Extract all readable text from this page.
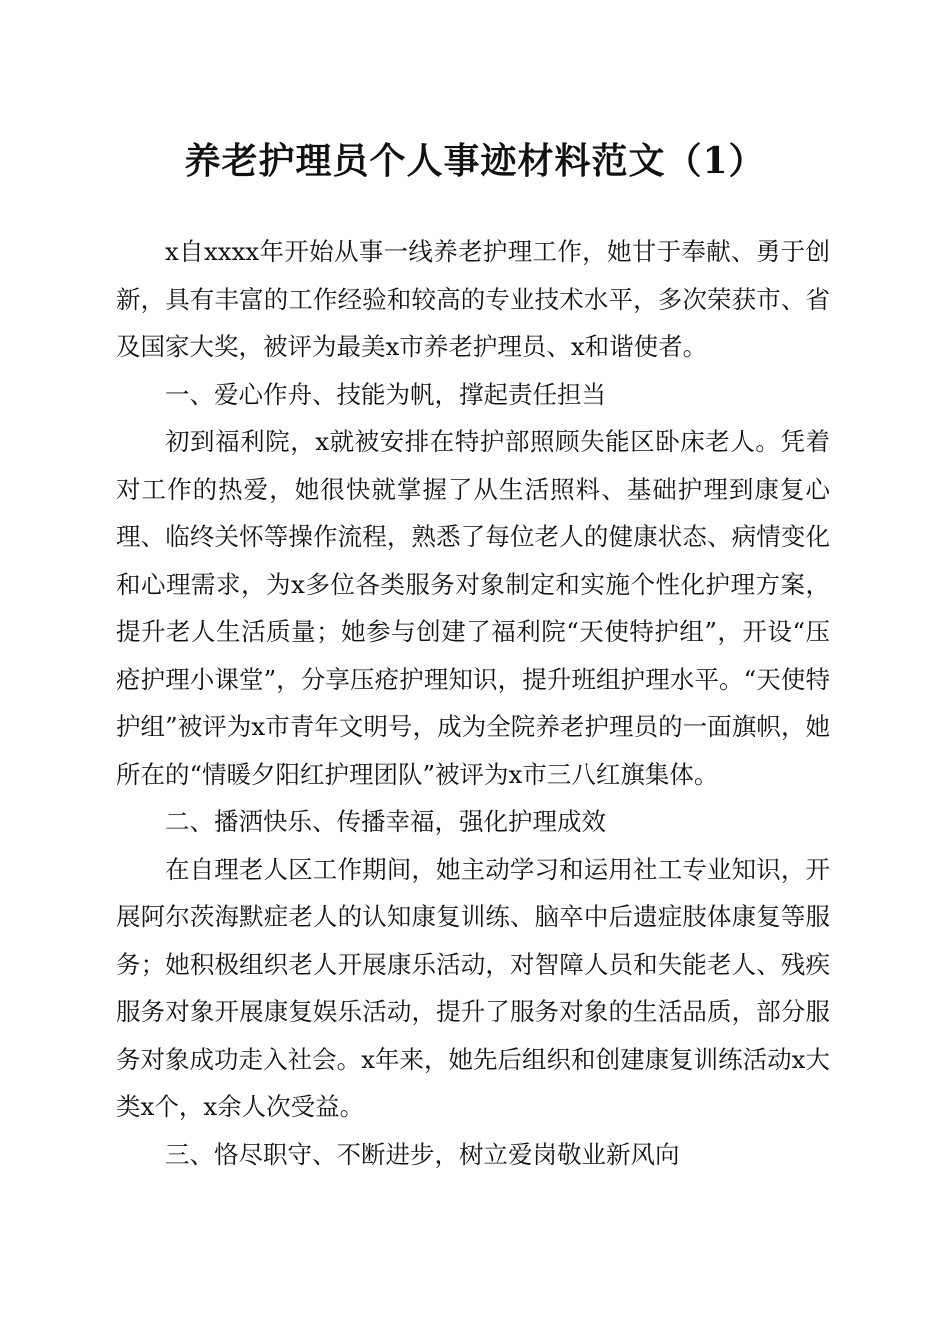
养老护理员个人事迹材料范文（1）

x自xxxx年开始从事一线养老护理工作，她甘于奉献、勇于创新，具有丰富的工作经验和较高的专业技术水平，多次荣获市、省及国家大奖，被评为最美x市养老护理员、x和谐使者。

一、爱心作舟、技能为帆，撑起责任担当

初到福利院，x就被安排在特护部照顾失能区卧床老人。凭着对工作的热爱，她很快就掌握了从生活照料、基础护理到康复心理、临终关怀等操作流程，熟悉了每位老人的健康状态、病情变化和心理需求，为x多位各类服务对象制定和实施个性化护理方案，提升老人生活质量；她参与创建了福利院“天使特护组”，开设“压疮护理小课堂”，分享压疮护理知识，提升班组护理水平。“天使特护组”被评为x市青年文明号，成为全院养老护理员的一面旗帜，她所在的“情暖夕阳红护理团队”被评为x市三八红旗集体。

二、播洒快乐、传播幸福，强化护理成效

在自理老人区工作期间，她主动学习和运用社工专业知识，开展阿尔茨海默症老人的认知康复训练、脑卒中后遗症肢体康复等服务；她积极组织老人开展康乐活动，对智障人员和失能老人、残疾服务对象开展康复娱乐活动，提升了服务对象的生活品质，部分服务对象成功走入社会。x年来，她先后组织和创建康复训练活动x大类x个，x余人次受益。

三、恪尽职守、不断进步，树立爱岗敬业新风向
